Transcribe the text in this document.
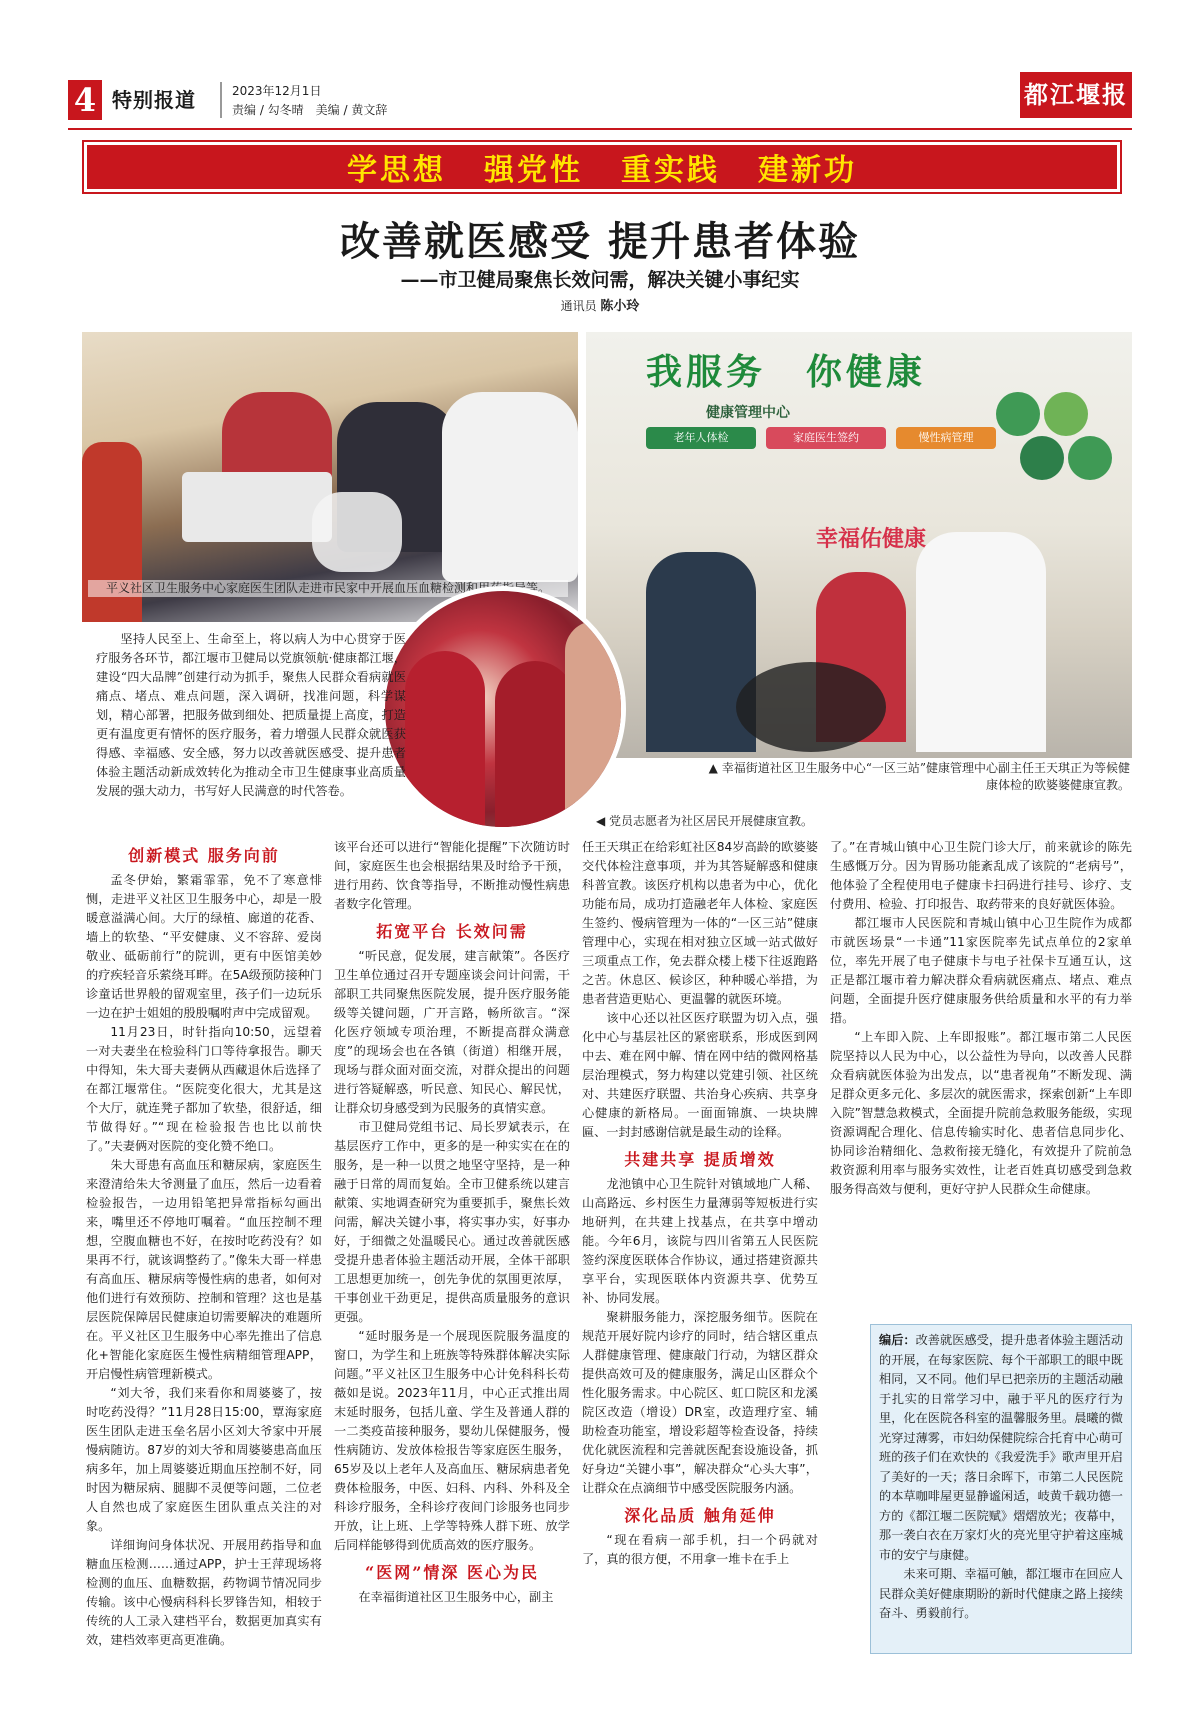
4 特别报道	2023年12月1日
责编 / 勾冬晴　美编 / 黄文辞
都江堰报
学思想 强党性 重实践 建新功
改善就医感受 提升患者体验
——市卫健局聚焦长效问需，解决关键小事纪实
通讯员 陈小玲
平义社区卫生服务中心家庭医生团队走进市民家中开展血压血糖检测和用药指导等。
我服务　你健康
健康管理中心
老年人体检	家庭医生签约	慢性病管理
幸福佑健康
▲ 幸福街道社区卫生服务中心“一区三站”健康管理中心副主任王天琪正为等候健康体检的欧婆婆健康宣教。
◀ 党员志愿者为社区居民开展健康宣教。
坚持人民至上、生命至上，将以病人为中心贯穿于医疗服务各环节，都江堰市卫健局以党旗领航·健康都江堰，建设“四大品牌”创建行动为抓手，聚焦人民群众看病就医痛点、堵点、难点问题，深入调研，找准问题，科学谋划，精心部署，把服务做到细处、把质量提上高度，打造更有温度更有情怀的医疗服务，着力增强人民群众就医获得感、幸福感、安全感，努力以改善就医感受、提升患者体验主题活动新成效转化为推动全市卫生健康事业高质量发展的强大动力，书写好人民满意的时代答卷。
创新模式 服务向前

孟冬伊始，繁霜霏霏，免不了寒意悱恻，走进平义社区卫生服务中心，却是一股暖意溢满心间。大厅的绿植、廊道的花香、墙上的软垫、“平安健康、义不容辞、爱岗敬业、砥砺前行”的院训，更有中医馆美妙的疗疾轻音乐萦绕耳畔。在5A级预防接种门诊童话世界般的留观室里，孩子们一边玩乐一边在护士姐姐的殷殷嘱咐声中完成留观。

11月23日，时针指向10:50，远望着一对夫妻坐在检验科门口等待拿报告。聊天中得知，朱大哥夫妻俩从西藏退休后选择了在都江堰常住。“医院变化很大，尤其是这个大厅，就连凳子都加了软垫，很舒适，细节做得好。”“现在检验报告也比以前快了。”夫妻俩对医院的变化赞不绝口。

朱大哥患有高血压和糖尿病，家庭医生来澄清给朱大爷测量了血压，然后一边看着检验报告，一边用铅笔把异常指标勾画出来，嘴里还不停地叮嘱着。“血压控制不理想，空腹血糖也不好，在按时吃药没有？如果再不行，就该调整药了。”像朱大哥一样患有高血压、糖尿病等慢性病的患者，如何对他们进行有效预防、控制和管理？这也是基层医院保障居民健康迫切需要解决的难题所在。平义社区卫生服务中心率先推出了信息化+智能化家庭医生慢性病精细管理APP，开启慢性病管理新模式。

“刘大爷，我们来看你和周婆婆了，按时吃药没得？”11月28日15:00，覃海家庭医生团队走进玉垒名居小区刘大爷家中开展慢病随访。87岁的刘大爷和周婆婆患高血压病多年，加上周婆婆近期血压控制不好，同时因为糖尿病、腿脚不灵便等问题，二位老人自然也成了家庭医生团队重点关注的对象。

详细询问身体状况、开展用药指导和血糖血压检测……通过APP，护士王萍现场将检测的血压、血糖数据，药物调节情况同步传输。该中心慢病科科长罗锋告知，相较于传统的人工录入建档平台，数据更加真实有效，建档效率更高更准确。

该平台还可以进行“智能化提醒”下次随访时间，家庭医生也会根据结果及时给予干预，进行用药、饮食等指导，不断推动慢性病患者数字化管理。

拓宽平台 长效问需

“听民意，促发展，建言献策”。各医疗卫生单位通过召开专题座谈会问计问需，干部职工共同聚焦医院发展，提升医疗服务能级等关键问题，广开言路，畅所欲言。“深化医疗领域专项治理，不断提高群众满意度”的现场会也在各镇（街道）相继开展，现场与群众面对面交流，对群众提出的问题进行答疑解惑，听民意、知民心、解民忧，让群众切身感受到为民服务的真情实意。

市卫健局党组书记、局长罗斌表示，在基层医疗工作中，更多的是一种实实在在的服务，是一种一以贯之地坚守坚持，是一种融于日常的周而复始。全市卫健系统以建言献策、实地调查研究为重要抓手，聚焦长效问需，解决关键小事，将实事办实，好事办好，于细微之处温暖民心。通过改善就医感受提升患者体验主题活动开展，全体干部职工思想更加统一，创先争优的氛围更浓厚，干事创业干劲更足，提供高质量服务的意识更强。

“延时服务是一个展现医院服务温度的窗口，为学生和上班族等特殊群体解决实际问题。”平义社区卫生服务中心计免科科长苟薇如是说。2023年11月，中心正式推出周末延时服务，包括儿童、学生及普通人群的一二类疫苗接种服务，婴幼儿保健服务，慢性病随访、发放体检报告等家庭医生服务，65岁及以上老年人及高血压、糖尿病患者免费体检服务，中医、妇科、内科、外科及全科诊疗服务，全科诊疗夜间门诊服务也同步开放，让上班、上学等特殊人群下班、放学后同样能够得到优质高效的医疗服务。

“医网”情深 医心为民

在幸福街道社区卫生服务中心，副主

任王天琪正在给彩虹社区84岁高龄的欧婆婆交代体检注意事项，并为其答疑解惑和健康科普宣教。该医疗机构以患者为中心，优化功能布局，成功打造融老年人体检、家庭医生签约、慢病管理为一体的“一区三站”健康管理中心，实现在相对独立区域一站式做好三项重点工作，免去群众楼上楼下往返跑路之苦。休息区、候诊区，种种暖心举措，为患者营造更贴心、更温馨的就医环境。

该中心还以社区医疗联盟为切入点，强化中心与基层社区的紧密联系，形成医到网中去、难在网中解、情在网中结的微网格基层治理模式，努力构建以党建引领、社区统对、共建医疗联盟、共治身心疾病、共享身心健康的新格局。一面面锦旗、一块块牌匾、一封封感谢信就是最生动的诠释。

共建共享 提质增效

龙池镇中心卫生院针对镇域地广人稀、山高路远、乡村医生力量薄弱等短板进行实地研判，在共建上找基点，在共享中增动能。今年6月，该院与四川省第五人民医院签约深度医联体合作协议，通过搭建资源共享平台，实现医联体内资源共享、优势互补、协同发展。

聚耕服务能力，深挖服务细节。医院在规范开展好院内诊疗的同时，结合辖区重点人群健康管理、健康敲门行动，为辖区群众提供高效可及的健康服务，满足山区群众个性化服务需求。中心院区、虹口院区和龙溪院区改造（增设）DR室，改造理疗室、辅助检查功能室，增设彩超等检查设备，持续优化就医流程和完善就医配套设施设备，抓好身边“关键小事”，解决群众“心头大事”，让群众在点滴细节中感受医院服务内涵。

深化品质 触角延伸

“现在看病一部手机，扫一个码就对了，真的很方便，不用拿一堆卡在手上

了。”在青城山镇中心卫生院门诊大厅，前来就诊的陈先生感慨万分。因为胃肠功能紊乱成了该院的“老病号”，他体验了全程使用电子健康卡扫码进行挂号、诊疗、支付费用、检验、打印报告、取药带来的良好就医体验。

都江堰市人民医院和青城山镇中心卫生院作为成都市就医场景“一卡通”11家医院率先试点单位的2家单位，率先开展了电子健康卡与电子社保卡互通互认，这正是都江堰市着力解决群众看病就医痛点、堵点、难点问题，全面提升医疗健康服务供给质量和水平的有力举措。

“上车即入院、上车即报账”。都江堰市第二人民医院坚持以人民为中心，以公益性为导向，以改善人民群众看病就医体验为出发点，以“患者视角”不断发现、满足群众更多元化、多层次的就医需求，探索创新“上车即入院”智慧急救模式，全面提升院前急救服务能级，实现资源调配合理化、信息传输实时化、患者信息同步化、协同诊治精细化、急救衔接无缝化，有效提升了院前急救资源利用率与服务实效性，让老百姓真切感受到急救服务得高效与便利，更好守护人民群众生命健康。

编后：改善就医感受，提升患者体验主题活动的开展，在每家医院、每个干部职工的眼中既相同，又不同。他们早已把亲历的主题活动融于扎实的日常学习中，融于平凡的医疗行为里，化在医院各科室的温馨服务里。晨曦的微光穿过薄雾，市妇幼保健院综合托育中心萌可班的孩子们在欢快的《我爱洗手》歌声里开启了美好的一天；落日余晖下，市第二人民医院的本草咖啡屋更显静谧闲适，岐黄千载功德一方的《都江堰二医院赋》熠熠放光；夜幕中，那一袭白衣在万家灯火的亮光里守护着这座城市的安宁与康健。

未来可期、幸福可触，都江堰市在回应人民群众美好健康期盼的新时代健康之路上接续奋斗、勇毅前行。
